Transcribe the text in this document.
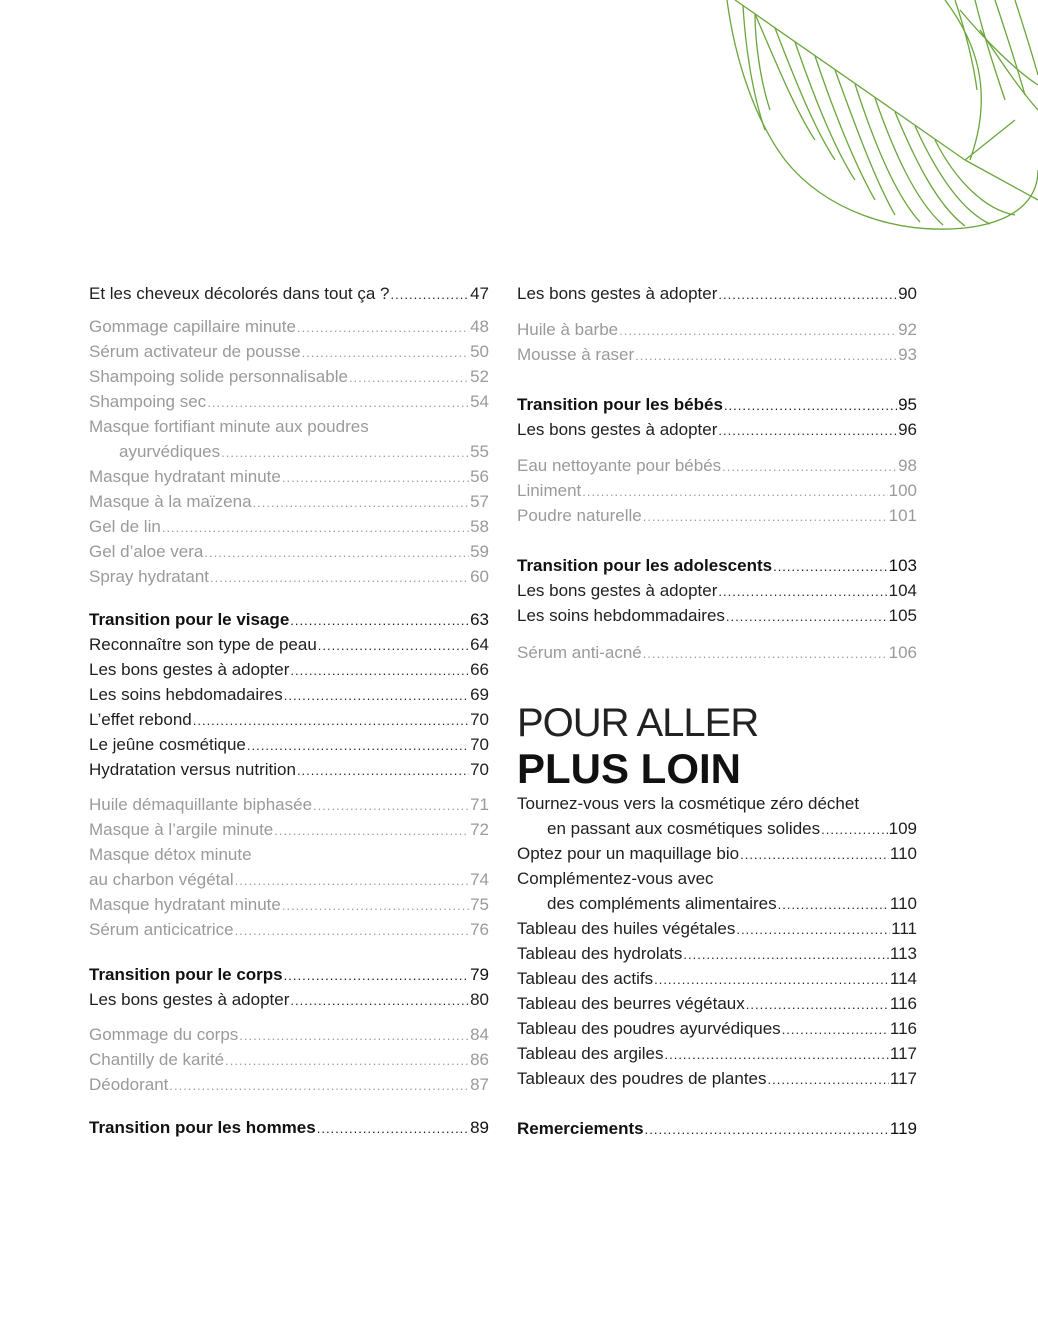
Et les cheveux décolorés dans tout ça ? .....	47
Gommage capillaire minute .....	48
Sérum activateur de pousse .....	50
Shampoing solide personnalisable .....	52
Shampoing sec .....	54
Masque fortifiant minute aux poudres
ayurvédiques .....	55
Masque hydratant minute .....	56
Masque à la maïzena .....	57
Gel de lin .....	58
Gel d’aloe vera .....	59
Spray hydratant .....	60
Transition pour le visage .....	63
Reconnaître son type de peau .....	64
Les bons gestes à adopter .....	66
Les soins hebdomadaires .....	69
L’effet rebond .....	70
Le jeûne cosmétique .....	70
Hydratation versus nutrition .....	70
Huile démaquillante biphasée .....	71
Masque à l’argile minute .....	72
Masque détox minute
au charbon végétal .....	74
Masque hydratant minute .....	75
Sérum anticicatrice .....	76
Transition pour le corps .....	79
Les bons gestes à adopter .....	80
Gommage du corps .....	84
Chantilly de karité .....	86
Déodorant .....	87
Transition pour les hommes .....	89
Les bons gestes à adopter .....	90
Huile à barbe .....	92
Mousse à raser .....	93
Transition pour les bébés .....	95
Les bons gestes à adopter .....	96
Eau nettoyante pour bébés .....	98
Liniment .....	100
Poudre naturelle .....	101
Transition pour les adolescents .....	103
Les bons gestes à adopter .....	104
Les soins hebdommadaires .....	105
Sérum anti-acné .....	106
Tournez-vous vers la cosmétique zéro déchet
en passant aux cosmétiques solides .....	109
Optez pour un maquillage bio .....	110
Complémentez-vous avec
des compléments alimentaires .....	110
Tableau des huiles végétales .....	111
Tableau des hydrolats .....	113
Tableau des actifs .....	114
Tableau des beurres végétaux .....	116
Tableau des poudres ayurvédiques .....	116
Tableau des argiles .....	117
Tableaux des poudres de plantes .....	117
Remerciements .....	119
POUR ALLER
PLUS LOIN
